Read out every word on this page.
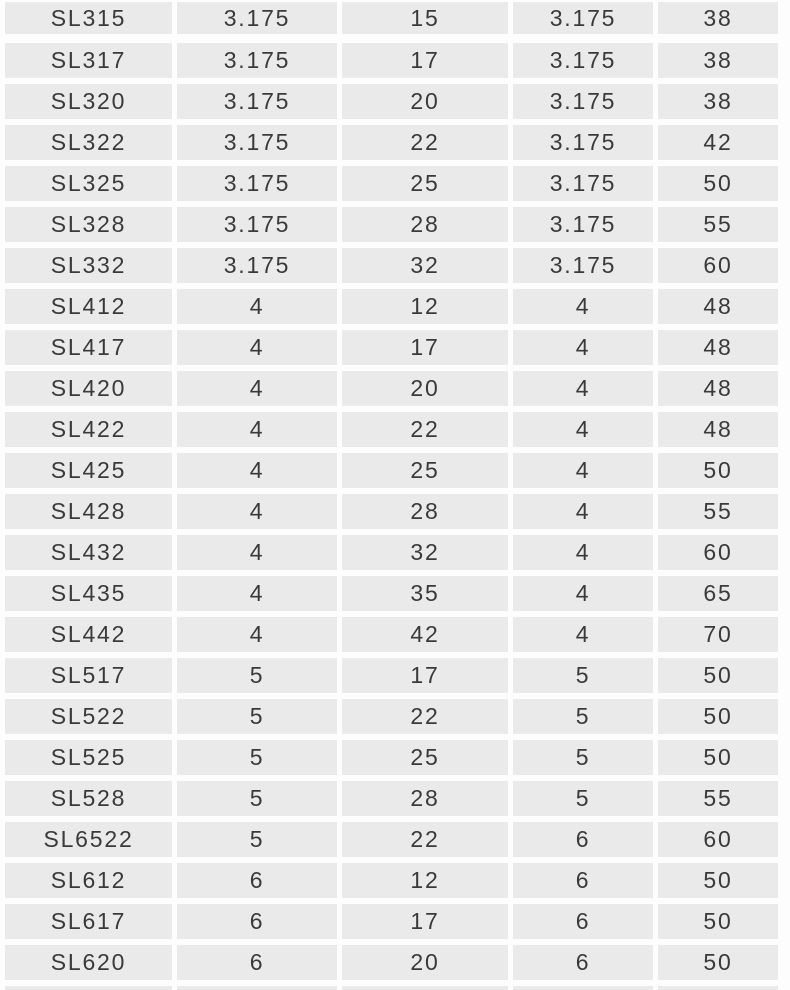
SL315	3.175	15	3.175	38
SL317	3.175	17	3.175	38
SL320	3.175	20	3.175	38
SL322	3.175	22	3.175	42
SL325	3.175	25	3.175	50
SL328	3.175	28	3.175	55
SL332	3.175	32	3.175	60
SL412	4	12	4	48
SL417	4	17	4	48
SL420	4	20	4	48
SL422	4	22	4	48
SL425	4	25	4	50
SL428	4	28	4	55
SL432	4	32	4	60
SL435	4	35	4	65
SL442	4	42	4	70
SL517	5	17	5	50
SL522	5	22	5	50
SL525	5	25	5	50
SL528	5	28	5	55
SL6522	5	22	6	60
SL612	6	12	6	50
SL617	6	17	6	50
SL620	6	20	6	50
